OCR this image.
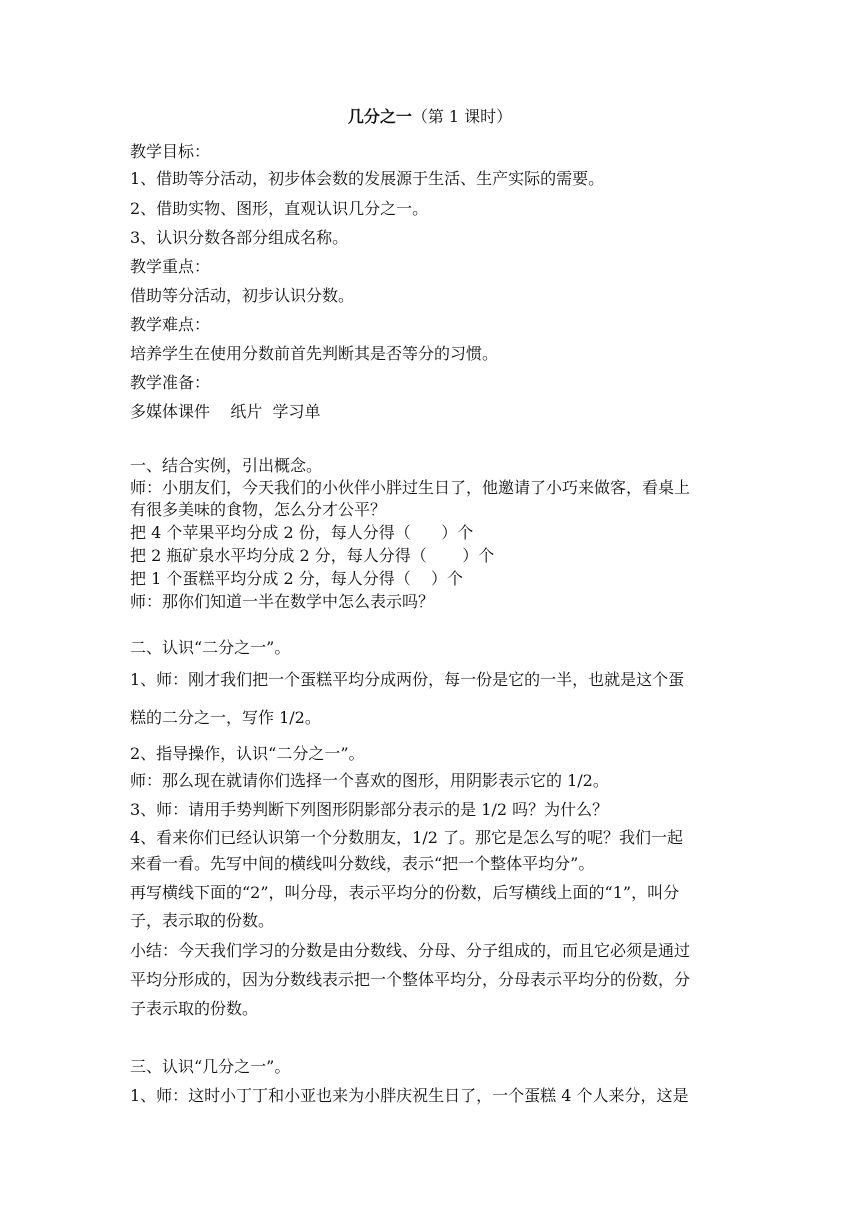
几分之一（第 1 课时）
教学目标：
1、借助等分活动，初步体会数的发展源于生活、生产实际的需要。
2、借助实物、图形，直观认识几分之一。
3、认识分数各部分组成名称。
教学重点：
借助等分活动，初步认识分数。
教学难点：
培养学生在使用分数前首先判断其是否等分的习惯。
教学准备：
多媒体课件    纸片  学习单
一、结合实例，引出概念。
师：小朋友们，今天我们的小伙伴小胖过生日了，他邀请了小巧来做客，看桌上
有很多美味的食物，怎么分才公平？
把 4 个苹果平均分成 2 份，每人分得（      ）个
把 2 瓶矿泉水平均分成 2 分，每人分得（       ）个
把 1 个蛋糕平均分成 2 分，每人分得（    ）个
师：那你们知道一半在数学中怎么表示吗？
二、认识“二分之一”。
1、师：刚才我们把一个蛋糕平均分成两份，每一份是它的一半，也就是这个蛋
糕的二分之一，写作 1/2。
2、指导操作，认识“二分之一”。
师：那么现在就请你们选择一个喜欢的图形，用阴影表示它的 1/2。
3、师：请用手势判断下列图形阴影部分表示的是 1/2 吗？为什么？
4、看来你们已经认识第一个分数朋友，1/2 了。那它是怎么写的呢？我们一起
来看一看。先写中间的横线叫分数线，表示“把一个整体平均分”。
再写横线下面的“2”，叫分母，表示平均分的份数，后写横线上面的“1”，叫分
子，表示取的份数。
小结：今天我们学习的分数是由分数线、分母、分子组成的，而且它必须是通过
平均分形成的，因为分数线表示把一个整体平均分，分母表示平均分的份数，分
子表示取的份数。
三、认识“几分之一”。
1、师：这时小丁丁和小亚也来为小胖庆祝生日了，一个蛋糕 4 个人来分，这是
